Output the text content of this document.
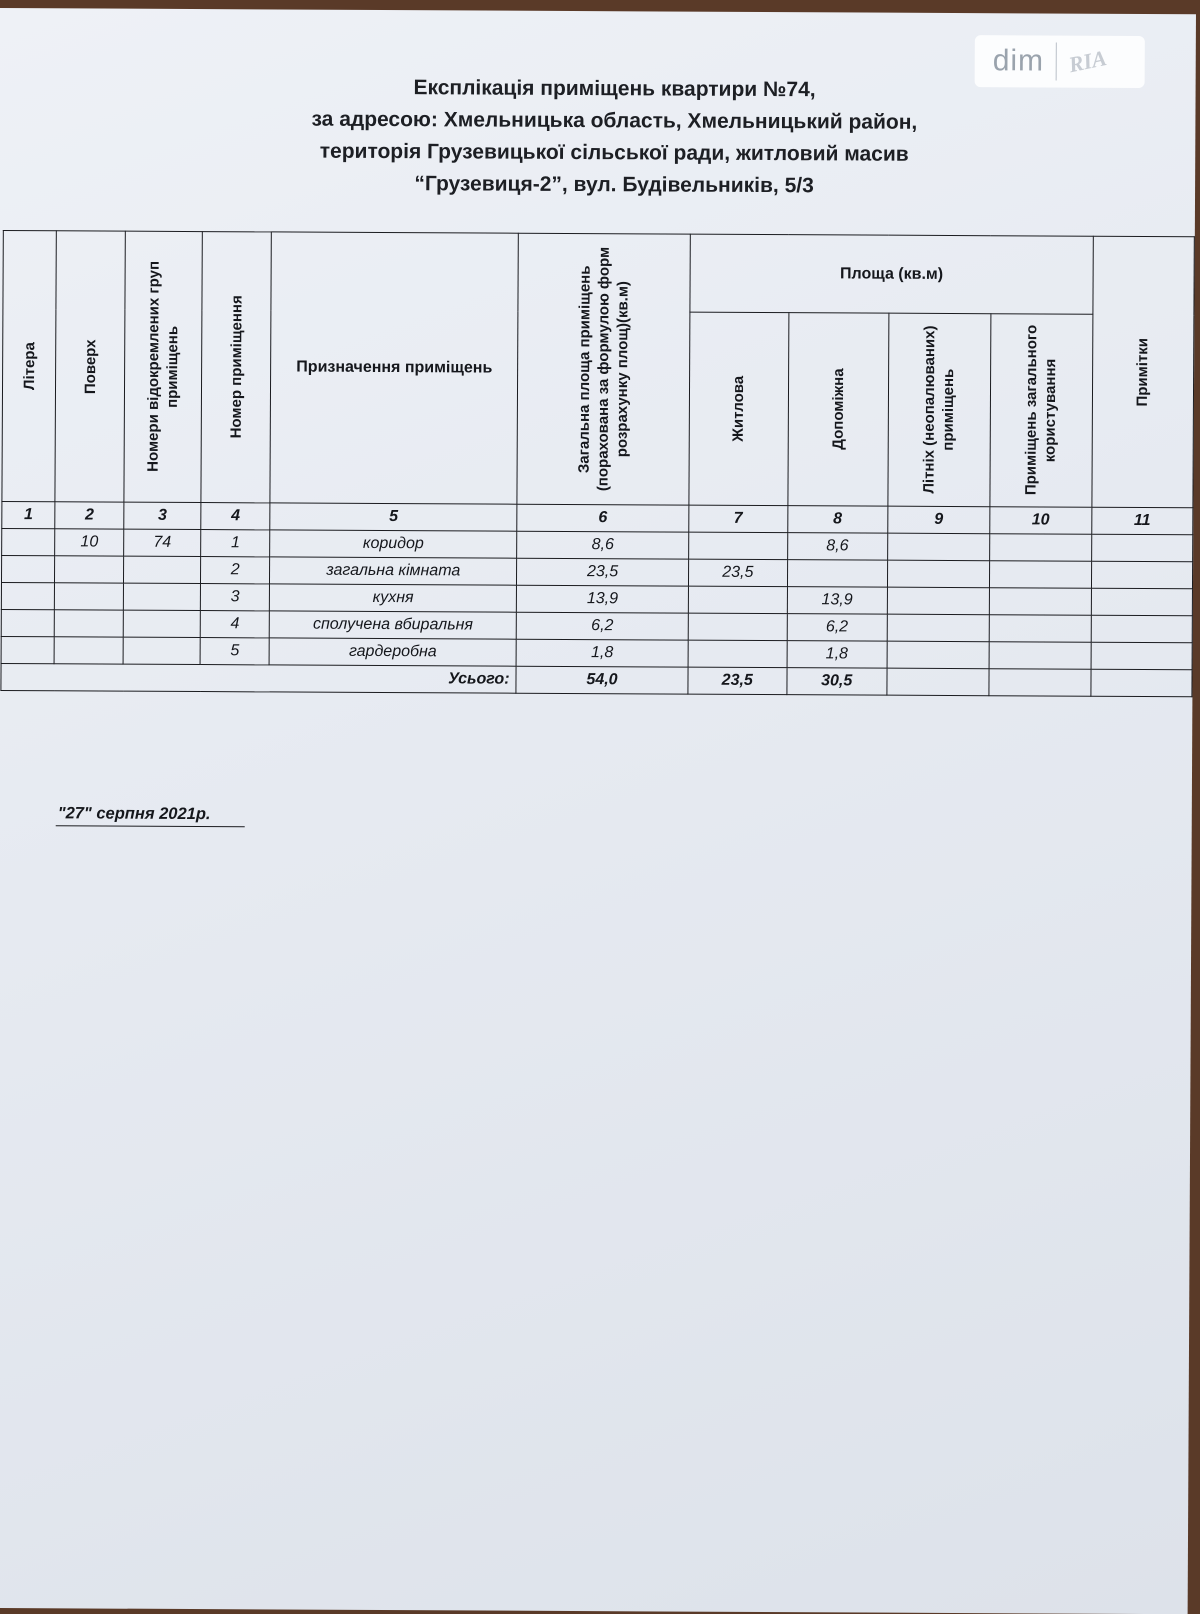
dim RIA
Експлікація приміщень квартири №74,
за адресою: Хмельницька область, Хмельницький район,
територія Грузевицької сільської ради, житловий масив
“Грузевиця-2”, вул. Будівельників, 5/3
Літера	Поверх	Номери відокремлених груп приміщень	Номер приміщення	Призначення приміщень	Загальна площа приміщень (порахована за формулою форм розрахунку площ)(кв.м)	Площа (кв.м)				Примітки

						Житлова	Допоміжна	Літніх (неопалюваних) приміщень	Приміщень загального користування	

1	2	3	4	5	6	7	8	9	10	11
	10	74	1	коридор	8,6		8,6			
			2	загальна кімната	23,5	23,5				
			3	кухня	13,9		13,9			
			4	сполучена вбиральня	6,2		6,2			
			5	гардеробна	1,8		1,8			
Усього:					54,0	23,5	30,5			
"27" серпня 2021р.
